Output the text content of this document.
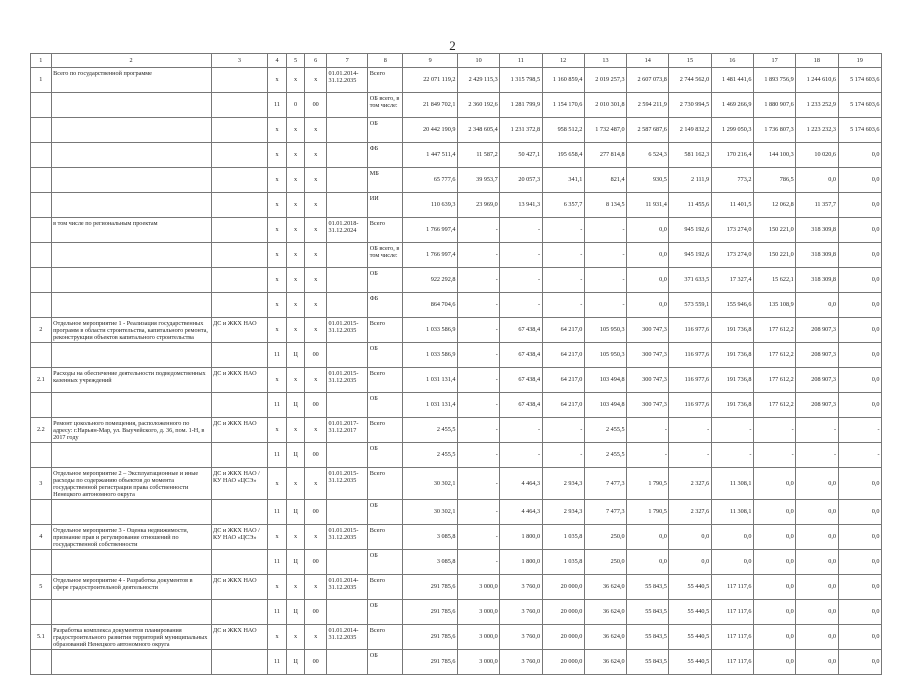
2
1	2	3	4	5	6	7	8	9	10	11	12	13	14	15	16	17	18	19
1	Всего по государственной программе		x	x	x	01.01.2014-31.12.2035	Всего	22 071 119,2	2 429 115,3	1 315 798,5	1 160 859,4	2 019 257,3	2 607 073,8	2 744 562,0	1 481 441,6	1 893 756,9	1 244 610,6	5 174 603,6
			11	0	00		ОБ всего, в том числе:	21 849 702,1	2 360 192,6	1 281 799,9	1 154 170,6	2 010 301,8	2 594 211,9	2 730 994,5	1 469 266,9	1 880 907,6	1 233 252,9	5 174 603,6
			x	x	x		ОБ	20 442 190,9	2 348 605,4	1 231 372,8	958 512,2	1 732 487,0	2 587 687,6	2 149 832,2	1 299 050,3	1 736 807,3	1 223 232,3	5 174 603,6
			x	x	x		ФБ	1 447 511,4	11 587,2	50 427,1	195 658,4	277 814,8	6 524,3	581 162,3	170 216,4	144 100,3	10 020,6	0,0
			x	x	x		МБ	65 777,6	39 953,7	20 057,3	341,1	821,4	930,5	2 111,9	773,2	786,5	0,0	0,0
			x	x	x		ИИ	110 639,3	23 969,0	13 941,3	6 357,7	8 134,5	11 931,4	11 455,6	11 401,5	12 062,8	11 357,7	0,0
	в том числе по региональным проектам		x	x	x	01.01.2018-31.12.2024	Всего	1 766 997,4	-	-	-	-	0,0	945 192,6	173 274,0	150 221,0	318 309,8	0,0
			x	x	x		ОБ всего, в том числе:	1 766 997,4	-	-	-	-	0,0	945 192,6	173 274,0	150 221,0	318 309,8	0,0
			x	x	x		ОБ	922 292,8	-	-	-	-	0,0	371 633,5	17 327,4	15 622,1	318 309,8	0,0
			x	x	x		ФБ	864 704,6	-	-	-	-	0,0	573 559,1	155 946,6	135 108,9	0,0	0,0
2	Отдельное мероприятие 1 - Реализация государственных программ в области строительства, капитального ремонта, реконструкции объектов капитального строительства	ДС и ЖКХ НАО	x	x	x	01.01.2015-31.12.2035	Всего	1 033 586,9	-	67 438,4	64 217,0	105 950,3	300 747,3	116 977,6	191 736,8	177 612,2	208 907,3	0,0
			11	Ц	00		ОБ	1 033 586,9	-	67 438,4	64 217,0	105 950,3	300 747,3	116 977,6	191 736,8	177 612,2	208 907,3	0,0
2.1	Расходы на обеспечение деятельности подведомственных казенных учреждений	ДС и ЖКХ НАО	x	x	x	01.01.2015-31.12.2035	Всего	1 031 131,4	-	67 438,4	64 217,0	103 494,8	300 747,3	116 977,6	191 736,8	177 612,2	208 907,3	0,0
			11	Ц	00		ОБ	1 031 131,4	-	67 438,4	64 217,0	103 494,8	300 747,3	116 977,6	191 736,8	177 612,2	208 907,3	0,0
2.2	Ремонт цокольного помещения, расположенного по адресу: г.Нарьян-Мар, ул. Выучейского, д. 36, пом. 1-Н, в 2017 году	ДС и ЖКХ НАО	x	x	x	01.01.2017-31.12.2017	Всего	2 455,5	-	-	-	2 455,5	-	-	-	-	-	-
			11	Ц	00		ОБ	2 455,5	-	-	-	2 455,5	-	-	-	-	-	-
3	Отдельное мероприятие 2 – Эксплуатационные и иные расходы по содержанию объектов до момента государственной регистрации права собственности Ненецкого автономного округа	ДС и ЖКХ НАО / КУ НАО «ЦСЭ»	x	x	x	01.01.2015-31.12.2035	Всего	30 302,1	-	4 464,3	2 934,3	7 477,3	1 790,5	2 327,6	11 308,1	0,0	0,0	0,0
			11	Ц	00		ОБ	30 302,1	-	4 464,3	2 934,3	7 477,3	1 790,5	2 327,6	11 308,1	0,0	0,0	0,0
4	Отдельное мероприятие 3 - Оценка недвижимости, признание прав и регулирование отношений по государственной собственности	ДС и ЖКХ НАО / КУ НАО «ЦСЭ»	x	x	x	01.01.2015-31.12.2035	Всего	3 085,8	-	1 800,0	1 035,8	250,0	0,0	0,0	0,0	0,0	0,0	0,0
			11	Ц	00		ОБ	3 085,8	-	1 800,0	1 035,8	250,0	0,0	0,0	0,0	0,0	0,0	0,0
5	Отдельное мероприятие 4 - Разработка документов в сфере градостроительной деятельности	ДС и ЖКХ НАО	x	x	x	01.01.2014-31.12.2035	Всего	291 785,6	3 000,0	3 760,0	20 000,0	36 624,0	55 843,5	55 440,5	117 117,6	0,0	0,0	0,0
			11	Ц	00		ОБ	291 785,6	3 000,0	3 760,0	20 000,0	36 624,0	55 843,5	55 440,5	117 117,6	0,0	0,0	0,0
5.1	Разработка комплекса документов планирования градостроительного развития территорий муниципальных образований Ненецкого автономного округа	ДС и ЖКХ НАО	x	x	x	01.01.2014-31.12.2035	Всего	291 785,6	3 000,0	3 760,0	20 000,0	36 624,0	55 843,5	55 440,5	117 117,6	0,0	0,0	0,0
			11	Ц	00		ОБ	291 785,6	3 000,0	3 760,0	20 000,0	36 624,0	55 843,5	55 440,5	117 117,6	0,0	0,0	0,0
